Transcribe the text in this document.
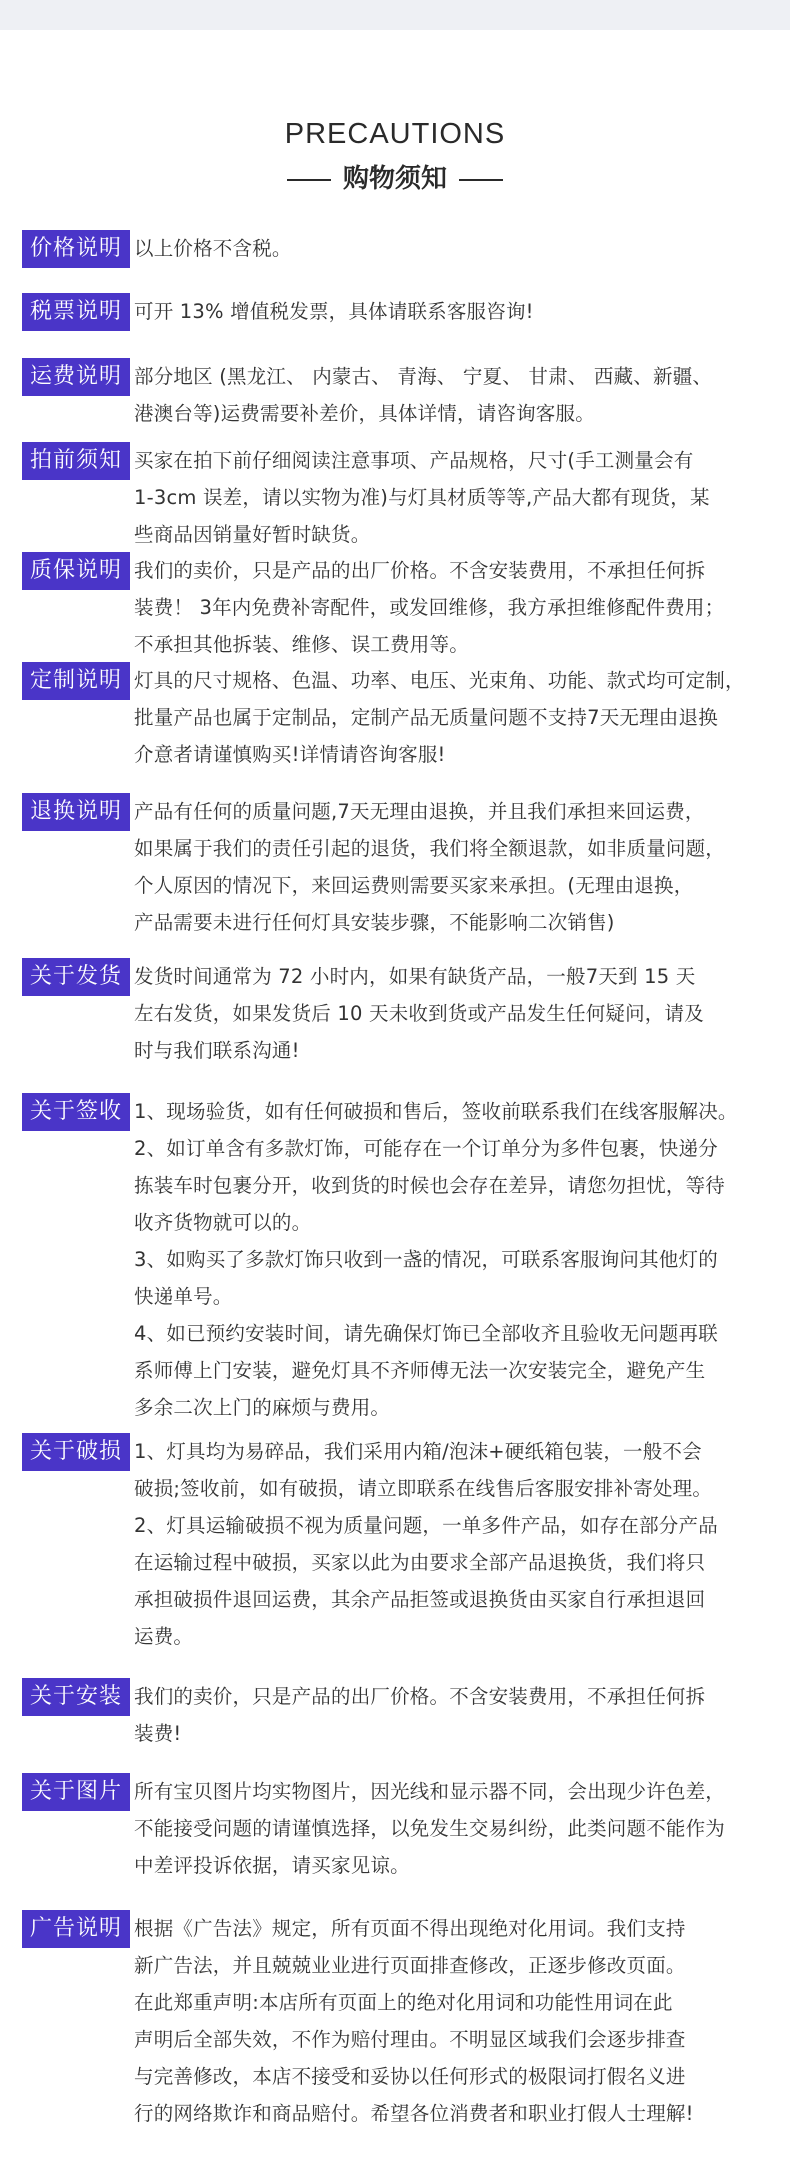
PRECAUTIONS
购物须知
价格说明 以上价格不含税。

税票说明 可开 13% 增值税发票，具体请联系客服咨询!

运费说明 部分地区 (黑龙江、 内蒙古、 青海、 宁夏、 甘肃、 西藏、新疆、
港澳台等)运费需要补差价，具体详情，请咨询客服。

拍前须知 买家在拍下前仔细阅读注意事项、产品规格，尺寸(手工测量会有
1-3cm 误差，请以实物为准)与灯具材质等等,产品大都有现货，某
些商品因销量好暂时缺货。

质保说明 我们的卖价，只是产品的出厂价格。不含安装费用，不承担任何拆
装费！ 3年内免费补寄配件，或发回维修，我方承担维修配件费用；
不承担其他拆装、维修、误工费用等。

定制说明 灯具的尺寸规格、色温、功率、电压、光束角、功能、款式均可定制，
批量产品也属于定制品，定制产品无质量问题不支持7天无理由退换
介意者请谨慎购买!详情请咨询客服!

退换说明 产品有任何的质量问题,7天无理由退换，并且我们承担来回运费，
如果属于我们的责任引起的退货，我们将全额退款，如非质量问题，
个人原因的情况下，来回运费则需要买家来承担。(无理由退换，
产品需要未进行任何灯具安装步骤，不能影响二次销售)

关于发货 发货时间通常为 72 小时内，如果有缺货产品，一般7天到 15 天
左右发货，如果发货后 10 天未收到货或产品发生任何疑问，请及
时与我们联系沟通!

关于签收 1、现场验货，如有任何破损和售后，签收前联系我们在线客服解决。

2、如订单含有多款灯饰，可能存在一个订单分为多件包裹，快递分
拣装车时包裹分开，收到货的时候也会存在差异，请您勿担忧，等待
收齐货物就可以的。

3、如购买了多款灯饰只收到一盏的情况，可联系客服询问其他灯的
快递单号。

4、如已预约安装时间，请先确保灯饰已全部收齐且验收无问题再联
系师傅上门安装，避免灯具不齐师傅无法一次安装完全，避免产生
多余二次上门的麻烦与费用。

关于破损 1、灯具均为易碎品，我们采用内箱/泡沫+硬纸箱包装，一般不会
破损;签收前，如有破损，请立即联系在线售后客服安排补寄处理。

2、灯具运输破损不视为质量问题，一单多件产品，如存在部分产品
在运输过程中破损，买家以此为由要求全部产品退换货，我们将只
承担破损件退回运费，其余产品拒签或退换货由买家自行承担退回
运费。

关于安装 我们的卖价，只是产品的出厂价格。不含安装费用，不承担任何拆
装费!

关于图片 所有宝贝图片均实物图片，因光线和显示器不同，会出现少许色差，
不能接受问题的请谨慎选择，以免发生交易纠纷，此类问题不能作为
中差评投诉依据，请买家见谅。

广告说明 根据《广告法》规定，所有页面不得出现绝对化用词。我们支持
新广告法，并且兢兢业业进行页面排查修改，正逐步修改页面。
在此郑重声明:本店所有页面上的绝对化用词和功能性用词在此
声明后全部失效，不作为赔付理由。不明显区域我们会逐步排查
与完善修改，本店不接受和妥协以任何形式的极限词打假名义进
行的网络欺诈和商品赔付。希望各位消费者和职业打假人士理解!
